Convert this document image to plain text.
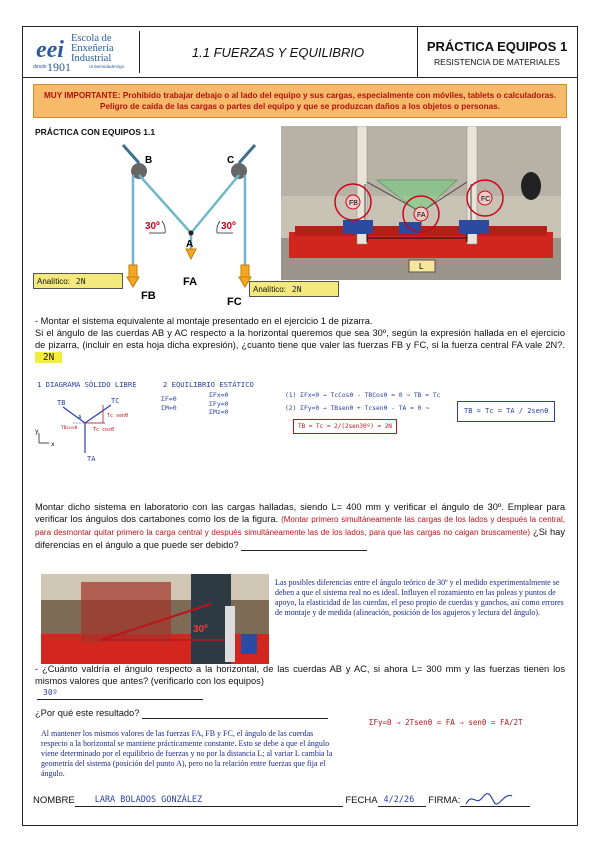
eei Escola de
Enxeñería
Industrial
desde 1901	UniversidadeVigo
1.1 FUERZAS Y EQUILIBRIO	PRÁCTICA EQUIPOS 1
RESISTENCIA DE MATERIALES
MUY IMPORTANTE: Prohibido trabajar debajo o al lado del equipo y sus cargas, especialmente con móviles, tablets o calculadoras. Peligro de caída de las cargas o partes del equipo y que se produzcan daños a los objetos o personas.
PRÁCTICA CON EQUIPOS 1.1
B	C
A
30º	30º
FB
FA
FC
Analítico: 2N
Analítico: 2N
FB
FA
FC
L
- Montar el sistema equivalente al montaje presentado en el ejercicio 1 de pizarra.
Si el ángulo de las cuerdas AB y AC respecto a la horizontal queremos que sea 30º, según la expresión hallada en el ejercicio de pizarra, (incluir en esta hoja dicha expresión), ¿cuanto tiene que valer las fuerzas FB y FC, si la fuerza central FA vale 2N?. 2N
1 DIAGRAMA SÓLIDO LIBRE	2 EQUILIBRIO ESTÁTICO
TB	TC
TA
A	Tc senθ
Tc cosθ
TBcosθ
y
x
ΣF=0
ΣM=0
ΣFx=0
ΣFy=0
ΣMz=0
(1) ΣFx=0 → TcCosθ - TBCosθ = 0 ⇒ TB = Tc
(2) ΣFy=0 → TBsenθ + Tcsenθ - TA = 0 ⇒
TB = Tc = 2/(2sen30º) = 2N
TB = Tc = TA / 2senθ
Montar dicho sistema en laboratorio con las cargas halladas, siendo L= 400 mm y verificar el ángulo de 30º. Emplear para verificar los ángulos dos cartabones como los de la figura. (Montar primero simultáneamente las cargas de los lados y después la central, para desmontar quitar primero la carga central y después simultáneamente las de los lados, para que las cargas no caigan bruscamente) ¿Si hay diferencias en el ángulo a que puede ser debido?
30º
Las posibles diferencias entre el ángulo teórico de 30º y el medido experimentalmente se deben a que el sistema real no es ideal. Influyen el rozamiento en las poleas y puntos de apoyo, la elasticidad de las cuerdas, el peso propio de cuerdas y ganchos, así como errores de montaje y de medida (alineación, posición de los agujeros y lectura del ángulo).
- ¿Cuánto valdría el ángulo respecto a la horizontal, de las cuerdas AB y AC, si ahora L= 300 mm y las fuerzas tienen los mismos valores que antes? (verificarlo con los equipos)
30º
¿Por qué este resultado?
ΣFy=0 ⇒ 2Tsenθ = FA ⇒ senθ = FA/2T
Al mantener los mismos valores de las fuerzas FA, FB y FC, el ángulo de las cuerdas respecto a la horizontal se mantiene prácticamente constante. Esto se debe a que el ángulo viene determinado por el equilibrio de fuerzas y no por la distancia L; al variar L cambia la geometría del sistema (posición del punto A), pero no la relación entre fuerzas que fija el ángulo.
NOMBRE LARA BOLADOS GONZÁLEZ	FECHA 4/2/26 FIRMA:
